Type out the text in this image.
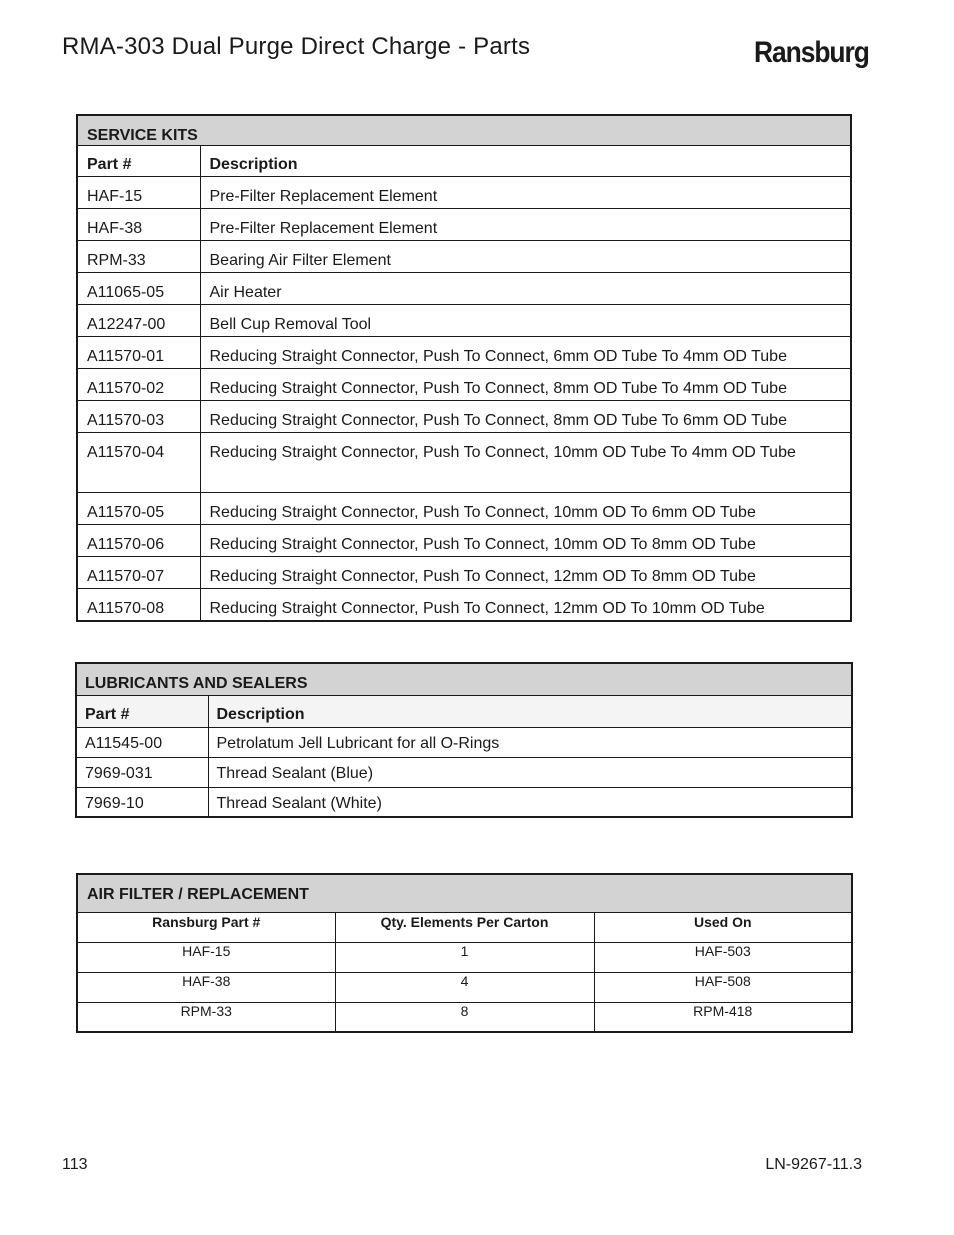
RMA-303 Dual Purge Direct Charge - Parts	Ransburg
SERVICE KITS	
Part #	Description
HAF-15	Pre-Filter Replacement Element
HAF-38	Pre-Filter Replacement Element
RPM-33	Bearing Air Filter Element
A11065-05	Air Heater
A12247-00	Bell Cup Removal Tool
A11570-01	Reducing Straight Connector, Push To Connect, 6mm OD Tube To 4mm OD Tube
A11570-02	Reducing Straight Connector, Push To Connect, 8mm OD Tube To 4mm OD Tube
A11570-03	Reducing Straight Connector, Push To Connect, 8mm OD Tube To 6mm OD Tube
A11570-04	Reducing Straight Connector, Push To Connect, 10mm OD Tube To 4mm OD Tube
A11570-05	Reducing Straight Connector, Push To Connect, 10mm OD To 6mm OD Tube
A11570-06	Reducing Straight Connector, Push To Connect, 10mm OD To 8mm OD Tube
A11570-07	Reducing Straight Connector, Push To Connect, 12mm OD To 8mm OD Tube
A11570-08	Reducing Straight Connector, Push To Connect, 12mm OD To 10mm OD Tube
LUBRICANTS AND SEALERS	
Part #	Description
A11545-00	Petrolatum Jell Lubricant for all O-Rings
7969-031	Thread Sealant (Blue)
7969-10	Thread Sealant (White)
AIR FILTER / REPLACEMENT		
Ransburg Part #	Qty. Elements Per Carton	Used On
HAF-15	1	HAF-503
HAF-38	4	HAF-508
RPM-33	8	RPM-418
113	LN-9267-11.3
